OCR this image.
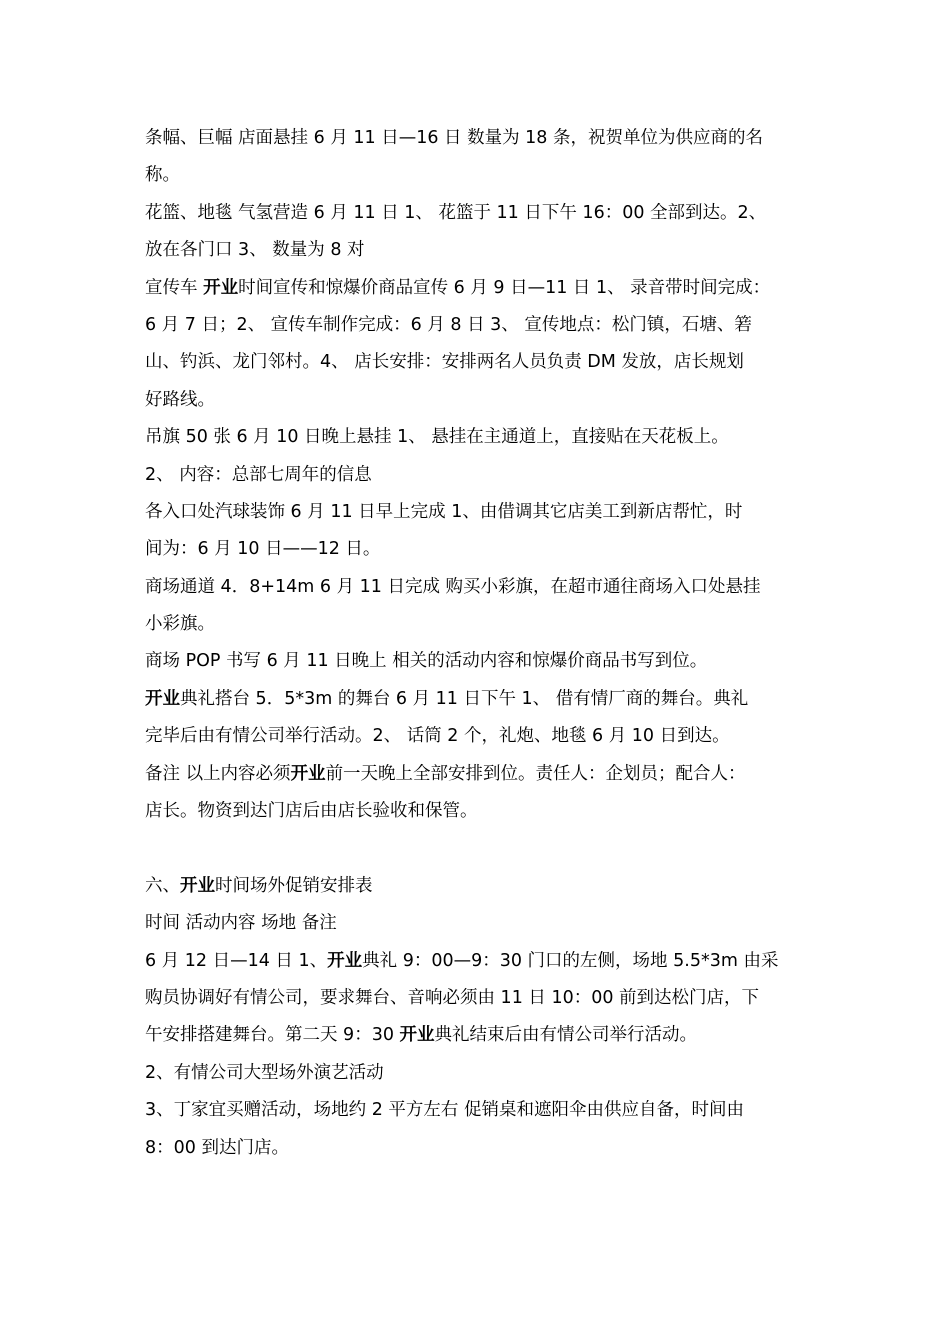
条幅、巨幅 店面悬挂 6 月 11 日—16 日 数量为 18 条，祝贺单位为供应商的名
称。
花篮、地毯 气氢营造 6 月 11 日 1、 花篮于 11 日下午 16：00 全部到达。2、
放在各门口 3、 数量为 8 对
宣传车 开业时间宣传和惊爆价商品宣传 6 月 9 日—11 日 1、 录音带时间完成：
6 月 7 日；2、 宣传车制作完成：6 月 8 日 3、 宣传地点：松门镇，石塘、箬
山、钓浜、龙门邻村。4、 店长安排：安排两名人员负责 DM 发放，店长规划
好路线。
吊旗 50 张 6 月 10 日晚上悬挂 1、 悬挂在主通道上，直接贴在天花板上。
2、 内容：总部七周年的信息
各入口处汽球装饰 6 月 11 日早上完成 1、由借调其它店美工到新店帮忙，时
间为：6 月 10 日——12 日。
商场通道 4．8+14m 6 月 11 日完成 购买小彩旗，在超市通往商场入口处悬挂
小彩旗。
商场 POP 书写 6 月 11 日晚上 相关的活动内容和惊爆价商品书写到位。
开业典礼搭台 5．5*3m 的舞台 6 月 11 日下午 1、 借有情厂商的舞台。典礼
完毕后由有情公司举行活动。2、 话筒 2 个，礼炮、地毯 6 月 10 日到达。
备注 以上内容必须开业前一天晚上全部安排到位。责任人：企划员；配合人：
店长。物资到达门店后由店长验收和保管。
六、开业时间场外促销安排表
时间 活动内容 场地 备注
6 月 12 日—14 日 1、开业典礼 9：00—9：30 门口的左侧，场地 5.5*3m 由采
购员协调好有情公司，要求舞台、音响必须由 11 日 10：00 前到达松门店，下
午安排搭建舞台。第二天 9：30 开业典礼结束后由有情公司举行活动。
2、有情公司大型场外演艺活动
3、丁家宜买赠活动，场地约 2 平方左右 促销桌和遮阳伞由供应自备，时间由
8：00 到达门店。
